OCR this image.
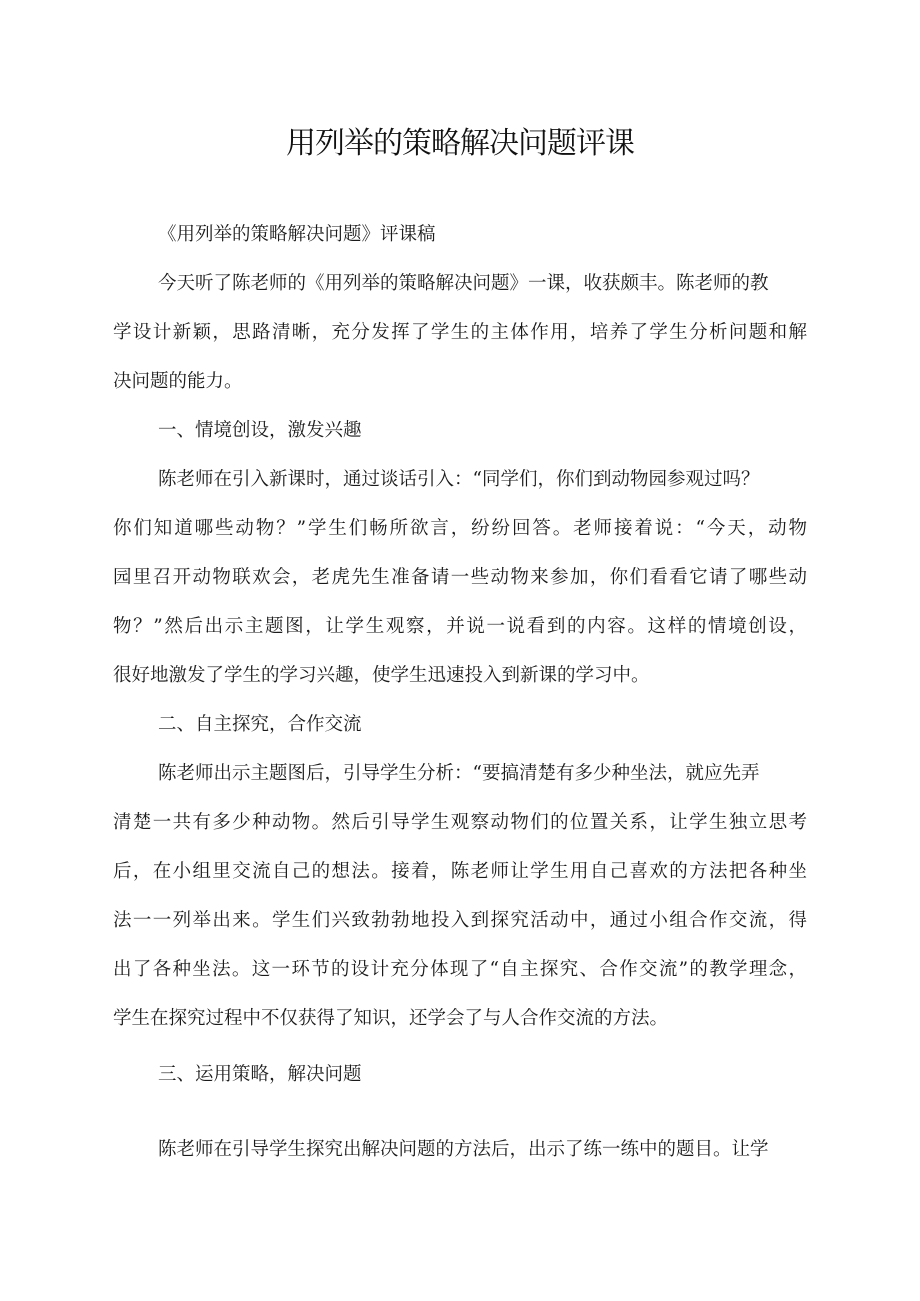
用列举的策略解决问题评课
《用列举的策略解决问题》评课稿
今天听了陈老师的《用列举的策略解决问题》一课，收获颇丰。陈老师的教
学设计新颖，思路清晰，充分发挥了学生的主体作用，培养了学生分析问题和解
决问题的能力。
一、情境创设，激发兴趣
陈老师在引入新课时，通过谈话引入：“同学们，你们到动物园参观过吗？
你们知道哪些动物？”学生们畅所欲言，纷纷回答。老师接着说：“今天，动物
园里召开动物联欢会，老虎先生准备请一些动物来参加，你们看看它请了哪些动
物？”然后出示主题图，让学生观察，并说一说看到的内容。这样的情境创设，
很好地激发了学生的学习兴趣，使学生迅速投入到新课的学习中。
二、自主探究，合作交流
陈老师出示主题图后，引导学生分析：“要搞清楚有多少种坐法，就应先弄
清楚一共有多少种动物。然后引导学生观察动物们的位置关系，让学生独立思考
后，在小组里交流自己的想法。接着，陈老师让学生用自己喜欢的方法把各种坐
法一一列举出来。学生们兴致勃勃地投入到探究活动中，通过小组合作交流，得
出了各种坐法。这一环节的设计充分体现了“自主探究、合作交流”的教学理念，
学生在探究过程中不仅获得了知识，还学会了与人合作交流的方法。
三、运用策略，解决问题
陈老师在引导学生探究出解决问题的方法后，出示了练一练中的题目。让学
